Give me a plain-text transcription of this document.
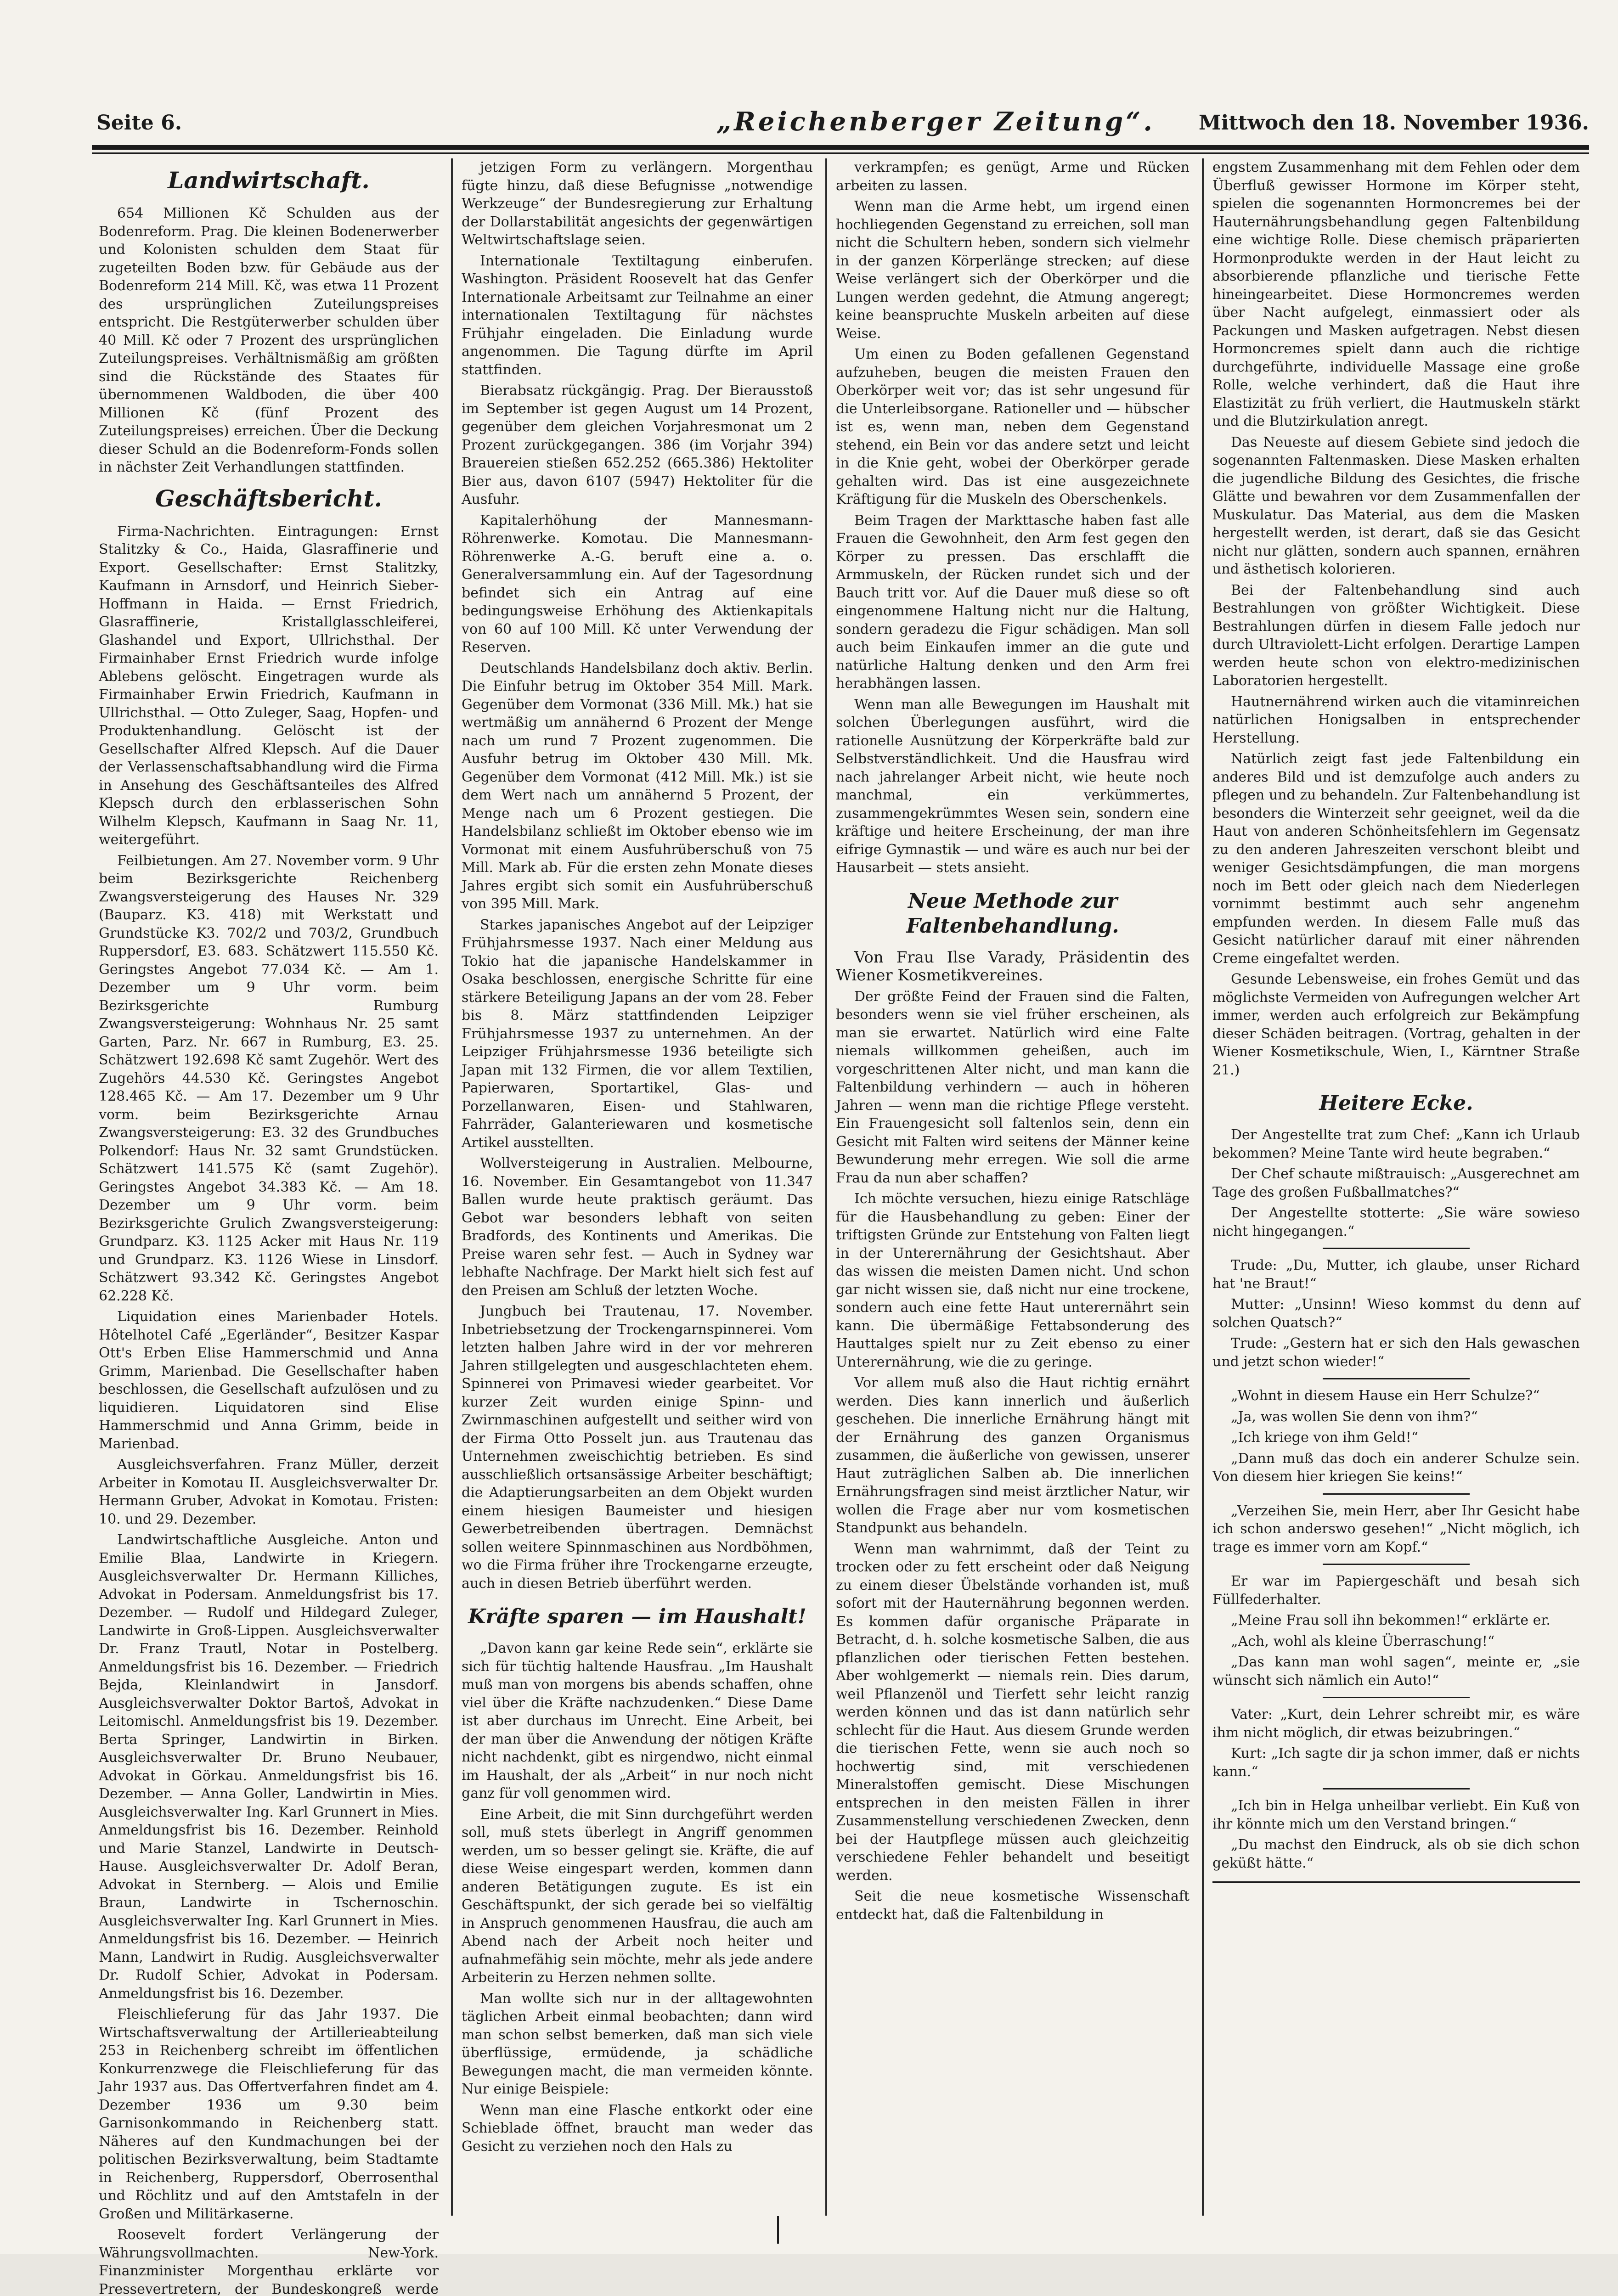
Seite 6.	„Reichenberger Zeitung“. Mittwoch den 18. November 1936.
Landwirtschaft.

654 Millionen Kč Schulden aus der Bodenreform. Prag. Die kleinen Bodenerwerber und Kolonisten schulden dem Staat für zugeteilten Boden bzw. für Gebäude aus der Bodenreform 214 Mill. Kč, was etwa 11 Prozent des ursprünglichen Zuteilungspreises entspricht. Die Restgüterwerber schulden über 40 Mill. Kč oder 7 Prozent des ursprünglichen Zuteilungspreises. Verhältnismäßig am größten sind die Rückstände des Staates für übernommenen Waldboden, die über 400 Millionen Kč (fünf Prozent des Zuteilungspreises) erreichen. Über die Deckung dieser Schuld an die Bodenreform-Fonds sollen in nächster Zeit Verhandlungen stattfinden.

Geschäftsbericht.

Firma-Nachrichten. Eintragungen: Ernst Stalitzky & Co., Haida, Glasraffinerie und Export. Gesellschafter: Ernst Stalitzky, Kaufmann in Arnsdorf, und Heinrich Sieber-Hoffmann in Haida. — Ernst Friedrich, Glasraffinerie, Kristallglasschleiferei, Glashandel und Export, Ullrichsthal. Der Firmainhaber Ernst Friedrich wurde infolge Ablebens gelöscht. Eingetragen wurde als Firmainhaber Erwin Friedrich, Kaufmann in Ullrichsthal. — Otto Zuleger, Saag, Hopfen- und Produktenhandlung. Gelöscht ist der Gesellschafter Alfred Klepsch. Auf die Dauer der Verlassenschaftsabhandlung wird die Firma in Ansehung des Geschäftsanteiles des Alfred Klepsch durch den erblasserischen Sohn Wilhelm Klepsch, Kaufmann in Saag Nr. 11, weitergeführt.

Feilbietungen. Am 27. November vorm. 9 Uhr beim Bezirksgerichte Reichenberg Zwangsversteigerung des Hauses Nr. 329 (Bauparz. K3. 418) mit Werkstatt und Grundstücke K3. 702/2 und 703/2, Grundbuch Ruppersdorf, E3. 683. Schätzwert 115.550 Kč. Geringstes Angebot 77.034 Kč. — Am 1. Dezember um 9 Uhr vorm. beim Bezirksgerichte Rumburg Zwangsversteigerung: Wohnhaus Nr. 25 samt Garten, Parz. Nr. 667 in Rumburg, E3. 25. Schätzwert 192.698 Kč samt Zugehör. Wert des Zugehörs 44.530 Kč. Geringstes Angebot 128.465 Kč. — Am 17. Dezember um 9 Uhr vorm. beim Bezirksgerichte Arnau Zwangsversteigerung: E3. 32 des Grundbuches Polkendorf: Haus Nr. 32 samt Grundstücken. Schätzwert 141.575 Kč (samt Zugehör). Geringstes Angebot 34.383 Kč. — Am 18. Dezember um 9 Uhr vorm. beim Bezirksgerichte Grulich Zwangsversteigerung: Grundparz. K3. 1125 Acker mit Haus Nr. 119 und Grundparz. K3. 1126 Wiese in Linsdorf. Schätzwert 93.342 Kč. Geringstes Angebot 62.228 Kč.

Liquidation eines Marienbader Hotels. Hôtelhotel Café „Egerländer“, Besitzer Kaspar Ott's Erben Elise Hammerschmid und Anna Grimm, Marienbad. Die Gesellschafter haben beschlossen, die Gesellschaft aufzulösen und zu liquidieren. Liquidatoren sind Elise Hammerschmid und Anna Grimm, beide in Marienbad.

Ausgleichsverfahren. Franz Müller, derzeit Arbeiter in Komotau II. Ausgleichsverwalter Dr. Hermann Gruber, Advokat in Komotau. Fristen: 10. und 29. Dezember.

Landwirtschaftliche Ausgleiche. Anton und Emilie Blaa, Landwirte in Kriegern. Ausgleichsverwalter Dr. Hermann Killiches, Advokat in Podersam. Anmeldungsfrist bis 17. Dezember. — Rudolf und Hildegard Zuleger, Landwirte in Groß-Lippen. Ausgleichsverwalter Dr. Franz Trautl, Notar in Postelberg. Anmeldungsfrist bis 16. Dezember. — Friedrich Bejda, Kleinlandwirt in Jansdorf. Ausgleichsverwalter Doktor Bartoš, Advokat in Leitomischl. Anmeldungsfrist bis 19. Dezember. Berta Springer, Landwirtin in Birken. Ausgleichsverwalter Dr. Bruno Neubauer, Advokat in Görkau. Anmeldungsfrist bis 16. Dezember. — Anna Goller, Landwirtin in Mies. Ausgleichsverwalter Ing. Karl Grunnert in Mies. Anmeldungsfrist bis 16. Dezember. Reinhold und Marie Stanzel, Landwirte in Deutsch-Hause. Ausgleichsverwalter Dr. Adolf Beran, Advokat in Sternberg. — Alois und Emilie Braun, Landwirte in Tschernoschin. Ausgleichsverwalter Ing. Karl Grunnert in Mies. Anmeldungsfrist bis 16. Dezember. — Heinrich Mann, Landwirt in Rudig. Ausgleichsverwalter Dr. Rudolf Schier, Advokat in Podersam. Anmeldungsfrist bis 16. Dezember.

Fleischlieferung für das Jahr 1937. Die Wirtschaftsverwaltung der Artillerieabteilung 253 in Reichenberg schreibt im öffentlichen Konkurrenzwege die Fleischlieferung für das Jahr 1937 aus. Das Offertverfahren findet am 4. Dezember 1936 um 9.30 beim Garnisonkommando in Reichenberg statt. Näheres auf den Kundmachungen bei der politischen Bezirksverwaltung, beim Stadtamte in Reichenberg, Ruppersdorf, Oberrosenthal und Röchlitz und auf den Amtstafeln in der Großen und Militärkaserne.

Roosevelt fordert Verlängerung der Währungsvollmachten. New-York. Finanzminister Morgenthau erklärte vor Pressevertretern, der Bundeskongreß werde

jetzigen Form zu verlängern. Morgenthau fügte hinzu, daß diese Befugnisse „notwendige Werkzeuge“ der Bundesregierung zur Erhaltung der Dollarstabilität angesichts der gegenwärtigen Weltwirtschaftslage seien.

Internationale Textiltagung einberufen. Washington. Präsident Roosevelt hat das Genfer Internationale Arbeitsamt zur Teilnahme an einer internationalen Textiltagung für nächstes Frühjahr eingeladen. Die Einladung wurde angenommen. Die Tagung dürfte im April stattfinden.

Bierabsatz rückgängig. Prag. Der Bierausstoß im September ist gegen August um 14 Prozent, gegenüber dem gleichen Vorjahresmonat um 2 Prozent zurückgegangen. 386 (im Vorjahr 394) Brauereien stießen 652.252 (665.386) Hektoliter Bier aus, davon 6107 (5947) Hektoliter für die Ausfuhr.

Kapitalerhöhung der Mannesmann-Röhrenwerke. Komotau. Die Mannesmann-Röhrenwerke A.-G. beruft eine a. o. Generalversammlung ein. Auf der Tagesordnung befindet sich ein Antrag auf eine bedingungsweise Erhöhung des Aktienkapitals von 60 auf 100 Mill. Kč unter Verwendung der Reserven.

Deutschlands Handelsbilanz doch aktiv. Berlin. Die Einfuhr betrug im Oktober 354 Mill. Mark. Gegenüber dem Vormonat (336 Mill. Mk.) hat sie wertmäßig um annähernd 6 Prozent der Menge nach um rund 7 Prozent zugenommen. Die Ausfuhr betrug im Oktober 430 Mill. Mk. Gegenüber dem Vormonat (412 Mill. Mk.) ist sie dem Wert nach um annähernd 5 Prozent, der Menge nach um 6 Prozent gestiegen. Die Handelsbilanz schließt im Oktober ebenso wie im Vormonat mit einem Ausfuhrüberschuß von 75 Mill. Mark ab. Für die ersten zehn Monate dieses Jahres ergibt sich somit ein Ausfuhrüberschuß von 395 Mill. Mark.

Starkes japanisches Angebot auf der Leipziger Frühjahrsmesse 1937. Nach einer Meldung aus Tokio hat die japanische Handelskammer in Osaka beschlossen, energische Schritte für eine stärkere Beteiligung Japans an der vom 28. Feber bis 8. März stattfindenden Leipziger Frühjahrsmesse 1937 zu unternehmen. An der Leipziger Frühjahrsmesse 1936 beteiligte sich Japan mit 132 Firmen, die vor allem Textilien, Papierwaren, Sportartikel, Glas- und Porzellanwaren, Eisen- und Stahlwaren, Fahrräder, Galanteriewaren und kosmetische Artikel ausstellten.

Wollversteigerung in Australien. Melbourne, 16. November. Ein Gesamtangebot von 11.347 Ballen wurde heute praktisch geräumt. Das Gebot war besonders lebhaft von seiten Bradfords, des Kontinents und Amerikas. Die Preise waren sehr fest. — Auch in Sydney war lebhafte Nachfrage. Der Markt hielt sich fest auf den Preisen am Schluß der letzten Woche.

Jungbuch bei Trautenau, 17. November. Inbetriebsetzung der Trockengarnspinnerei. Vom letzten halben Jahre wird in der vor mehreren Jahren stillgelegten und ausgeschlachteten ehem. Spinnerei von Primavesi wieder gearbeitet. Vor kurzer Zeit wurden einige Spinn- und Zwirnmaschinen aufgestellt und seither wird von der Firma Otto Posselt jun. aus Trautenau das Unternehmen zweischichtig betrieben. Es sind ausschließlich ortsansässige Arbeiter beschäftigt; die Adaptierungsarbeiten an dem Objekt wurden einem hiesigen Baumeister und hiesigen Gewerbetreibenden übertragen. Demnächst sollen weitere Spinnmaschinen aus Nordböhmen, wo die Firma früher ihre Trockengarne erzeugte, auch in diesen Betrieb überführt werden.

Kräfte sparen — im Haushalt!

„Davon kann gar keine Rede sein“, erklärte sie sich für tüchtig haltende Hausfrau. „Im Haushalt muß man von morgens bis abends schaffen, ohne viel über die Kräfte nachzudenken.“ Diese Dame ist aber durchaus im Unrecht. Eine Arbeit, bei der man über die Anwendung der nötigen Kräfte nicht nachdenkt, gibt es nirgendwo, nicht einmal im Haushalt, der als „Arbeit“ in nur noch nicht ganz für voll genommen wird.

Eine Arbeit, die mit Sinn durchgeführt werden soll, muß stets überlegt in Angriff genommen werden, um so besser gelingt sie. Kräfte, die auf diese Weise eingespart werden, kommen dann anderen Betätigungen zugute. Es ist ein Geschäftspunkt, der sich gerade bei so vielfältig in Anspruch genommenen Hausfrau, die auch am Abend nach der Arbeit noch heiter und aufnahmefähig sein möchte, mehr als jede andere Arbeiterin zu Herzen nehmen sollte.

Man wollte sich nur in der alltagewohnten täglichen Arbeit einmal beobachten; dann wird man schon selbst bemerken, daß man sich viele überflüssige, ermüdende, ja schädliche Bewegungen macht, die man vermeiden könnte. Nur einige Beispiele:

Wenn man eine Flasche entkorkt oder eine Schieblade öffnet, braucht man weder das Gesicht zu verziehen noch den Hals zu

verkrampfen; es genügt, Arme und Rücken arbeiten zu lassen.

Wenn man die Arme hebt, um irgend einen hochliegenden Gegenstand zu erreichen, soll man nicht die Schultern heben, sondern sich vielmehr in der ganzen Körperlänge strecken; auf diese Weise verlängert sich der Oberkörper und die Lungen werden gedehnt, die Atmung angeregt; keine beanspruchte Muskeln arbeiten auf diese Weise.

Um einen zu Boden gefallenen Gegenstand aufzuheben, beugen die meisten Frauen den Oberkörper weit vor; das ist sehr ungesund für die Unterleibsorgane. Rationeller und — hübscher ist es, wenn man, neben dem Gegenstand stehend, ein Bein vor das andere setzt und leicht in die Knie geht, wobei der Oberkörper gerade gehalten wird. Das ist eine ausgezeichnete Kräftigung für die Muskeln des Oberschenkels.

Beim Tragen der Markttasche haben fast alle Frauen die Gewohnheit, den Arm fest gegen den Körper zu pressen. Das erschlafft die Armmuskeln, der Rücken rundet sich und der Bauch tritt vor. Auf die Dauer muß diese so oft eingenommene Haltung nicht nur die Haltung, sondern geradezu die Figur schädigen. Man soll auch beim Einkaufen immer an die gute und natürliche Haltung denken und den Arm frei herabhängen lassen.

Wenn man alle Bewegungen im Haushalt mit solchen Überlegungen ausführt, wird die rationelle Ausnützung der Körperkräfte bald zur Selbstverständlichkeit. Und die Hausfrau wird nach jahrelanger Arbeit nicht, wie heute noch manchmal, ein verkümmertes, zusammengekrümmtes Wesen sein, sondern eine kräftige und heitere Erscheinung, der man ihre eifrige Gymnastik — und wäre es auch nur bei der Hausarbeit — stets ansieht.

Neue Methode zur Faltenbehandlung.

Von Frau Ilse Varady, Präsidentin des Wiener Kosmetikvereines.

Der größte Feind der Frauen sind die Falten, besonders wenn sie viel früher erscheinen, als man sie erwartet. Natürlich wird eine Falte niemals willkommen geheißen, auch im vorgeschrittenen Alter nicht, und man kann die Faltenbildung verhindern — auch in höheren Jahren — wenn man die richtige Pflege versteht. Ein Frauengesicht soll faltenlos sein, denn ein Gesicht mit Falten wird seitens der Männer keine Bewunderung mehr erregen. Wie soll die arme Frau da nun aber schaffen?

Ich möchte versuchen, hiezu einige Ratschläge für die Hausbehandlung zu geben: Einer der triftigsten Gründe zur Entstehung von Falten liegt in der Unterernährung der Gesichtshaut. Aber das wissen die meisten Damen nicht. Und schon gar nicht wissen sie, daß nicht nur eine trockene, sondern auch eine fette Haut unterernährt sein kann. Die übermäßige Fettabsonderung des Hauttalges spielt nur zu Zeit ebenso zu einer Unterernährung, wie die zu geringe.

Vor allem muß also die Haut richtig ernährt werden. Dies kann innerlich und äußerlich geschehen. Die innerliche Ernährung hängt mit der Ernährung des ganzen Organismus zusammen, die äußerliche von gewissen, unserer Haut zuträglichen Salben ab. Die innerlichen Ernährungsfragen sind meist ärztlicher Natur, wir wollen die Frage aber nur vom kosmetischen Standpunkt aus behandeln.

Wenn man wahrnimmt, daß der Teint zu trocken oder zu fett erscheint oder daß Neigung zu einem dieser Übelstände vorhanden ist, muß sofort mit der Hauternährung begonnen werden. Es kommen dafür organische Präparate in Betracht, d. h. solche kosmetische Salben, die aus pflanzlichen oder tierischen Fetten bestehen. Aber wohlgemerkt — niemals rein. Dies darum, weil Pflanzenöl und Tierfett sehr leicht ranzig werden können und das ist dann natürlich sehr schlecht für die Haut. Aus diesem Grunde werden die tierischen Fette, wenn sie auch noch so hochwertig sind, mit verschiedenen Mineralstoffen gemischt. Diese Mischungen entsprechen in den meisten Fällen in ihrer Zusammenstellung verschiedenen Zwecken, denn bei der Hautpflege müssen auch gleichzeitig verschiedene Fehler behandelt und beseitigt werden.

Seit die neue kosmetische Wissenschaft entdeckt hat, daß die Faltenbildung in

engstem Zusammenhang mit dem Fehlen oder dem Überfluß gewisser Hormone im Körper steht, spielen die sogenannten Hormoncremes bei der Hauternährungsbehandlung gegen Faltenbildung eine wichtige Rolle. Diese chemisch präparierten Hormonprodukte werden in der Haut leicht zu absorbierende pflanzliche und tierische Fette hineingearbeitet. Diese Hormoncremes werden über Nacht aufgelegt, einmassiert oder als Packungen und Masken aufgetragen. Nebst diesen Hormoncremes spielt dann auch die richtige durchgeführte, individuelle Massage eine große Rolle, welche verhindert, daß die Haut ihre Elastizität zu früh verliert, die Hautmuskeln stärkt und die Blutzirkulation anregt.

Das Neueste auf diesem Gebiete sind jedoch die sogenannten Faltenmasken. Diese Masken erhalten die jugendliche Bildung des Gesichtes, die frische Glätte und bewahren vor dem Zusammenfallen der Muskulatur. Das Material, aus dem die Masken hergestellt werden, ist derart, daß sie das Gesicht nicht nur glätten, sondern auch spannen, ernähren und ästhetisch kolorieren.

Bei der Faltenbehandlung sind auch Bestrahlungen von größter Wichtigkeit. Diese Bestrahlungen dürfen in diesem Falle jedoch nur durch Ultraviolett-Licht erfolgen. Derartige Lampen werden heute schon von elektro-medizinischen Laboratorien hergestellt.

Hautnernährend wirken auch die vitaminreichen natürlichen Honigsalben in entsprechender Herstellung.

Natürlich zeigt fast jede Faltenbildung ein anderes Bild und ist demzufolge auch anders zu pflegen und zu behandeln. Zur Faltenbehandlung ist besonders die Winterzeit sehr geeignet, weil da die Haut von anderen Schönheitsfehlern im Gegensatz zu den anderen Jahreszeiten verschont bleibt und weniger Gesichtsdämpfungen, die man morgens noch im Bett oder gleich nach dem Niederlegen vornimmt bestimmt auch sehr angenehm empfunden werden. In diesem Falle muß das Gesicht natürlicher darauf mit einer nährenden Creme eingefaltet werden.

Gesunde Lebensweise, ein frohes Gemüt und das möglichste Vermeiden von Aufregungen welcher Art immer, werden auch erfolgreich zur Bekämpfung dieser Schäden beitragen. (Vortrag, gehalten in der Wiener Kosmetikschule, Wien, I., Kärntner Straße 21.)

Heitere Ecke.

Der Angestellte trat zum Chef: „Kann ich Urlaub bekommen? Meine Tante wird heute begraben.“

Der Chef schaute mißtrauisch: „Ausgerechnet am Tage des großen Fußballmatches?“

Der Angestellte stotterte: „Sie wäre sowieso nicht hingegangen.“

Trude: „Du, Mutter, ich glaube, unser Richard hat 'ne Braut!“

Mutter: „Unsinn! Wieso kommst du denn auf solchen Quatsch?“

Trude: „Gestern hat er sich den Hals gewaschen und jetzt schon wieder!“

„Wohnt in diesem Hause ein Herr Schulze?“

„Ja, was wollen Sie denn von ihm?“

„Ich kriege von ihm Geld!“

„Dann muß das doch ein anderer Schulze sein. Von diesem hier kriegen Sie keins!“

„Verzeihen Sie, mein Herr, aber Ihr Gesicht habe ich schon anderswo gesehen!“ „Nicht möglich, ich trage es immer vorn am Kopf.“

Er war im Papiergeschäft und besah sich Füllfederhalter.

„Meine Frau soll ihn bekommen!“ erklärte er.

„Ach, wohl als kleine Überraschung!“

„Das kann man wohl sagen“, meinte er, „sie wünscht sich nämlich ein Auto!“

Vater: „Kurt, dein Lehrer schreibt mir, es wäre ihm nicht möglich, dir etwas beizubringen.“

Kurt: „Ich sagte dir ja schon immer, daß er nichts kann.“

„Ich bin in Helga unheilbar verliebt. Ein Kuß von ihr könnte mich um den Verstand bringen.“

„Du machst den Eindruck, als ob sie dich schon geküßt hätte.“
